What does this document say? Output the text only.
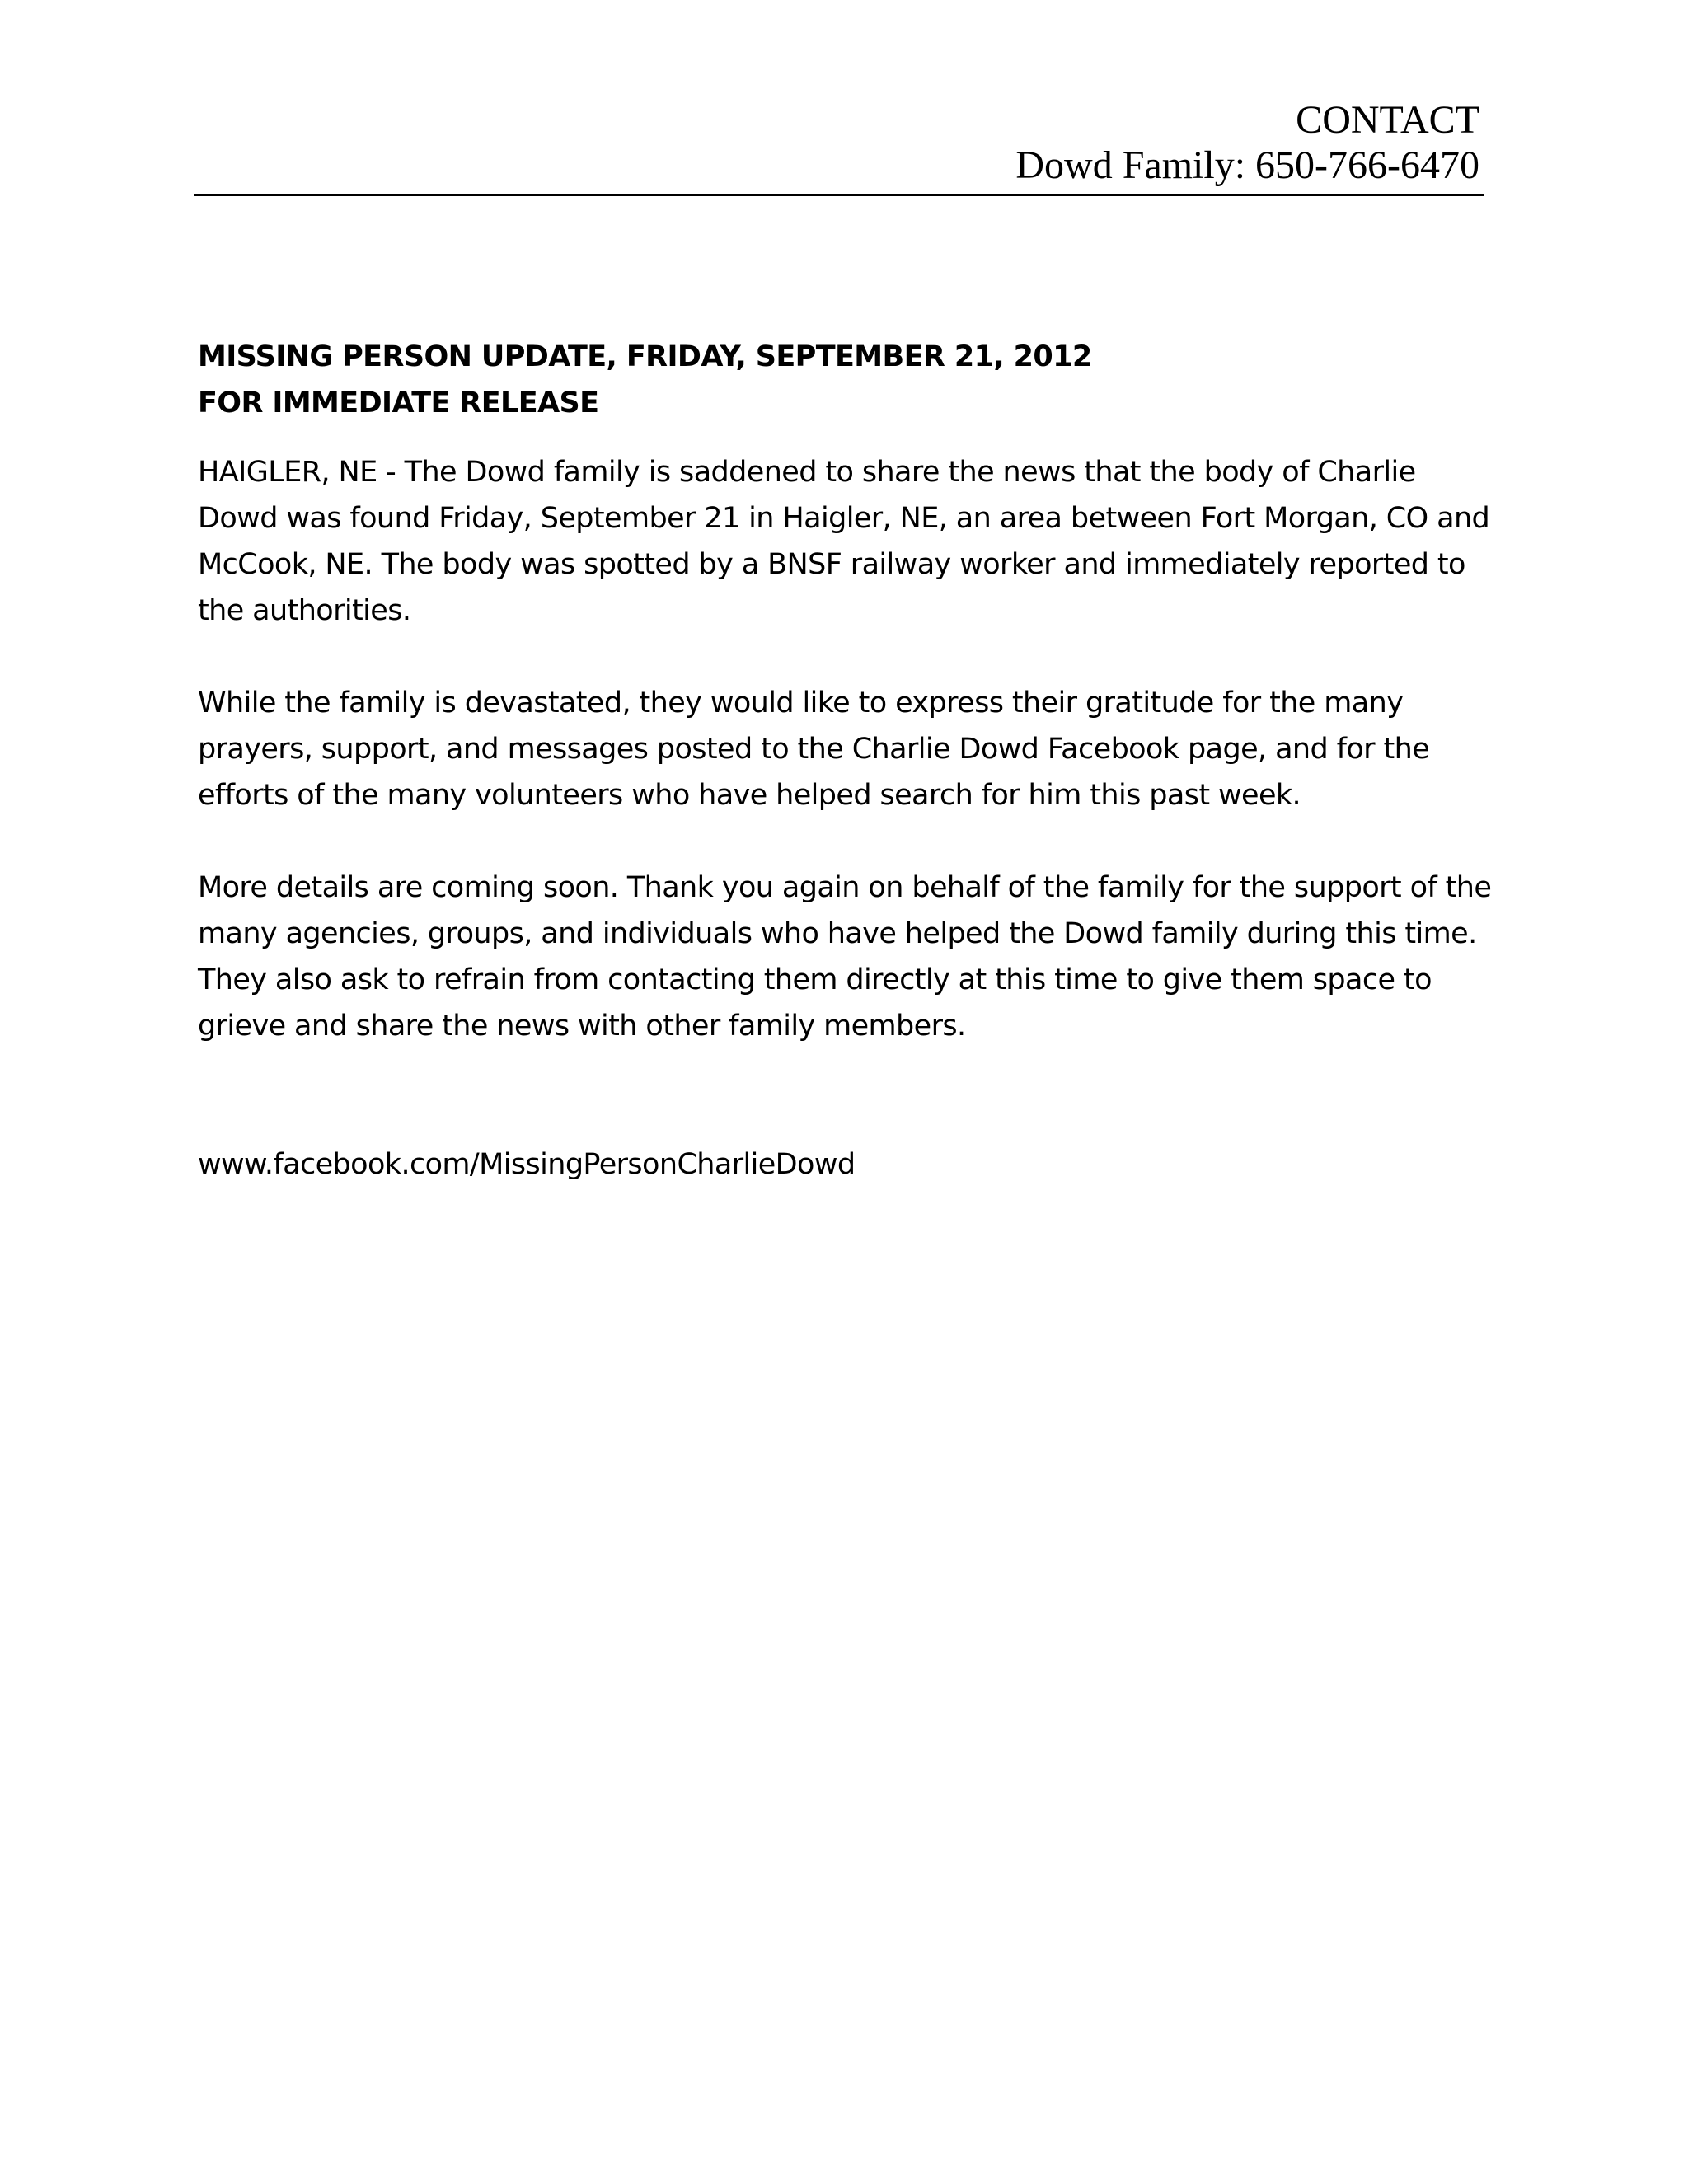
CONTACT
Dowd Family: 650-766-6470

MISSING PERSON UPDATE, FRIDAY, SEPTEMBER 21, 2012

FOR IMMEDIATE RELEASE

HAIGLER, NE - The Dowd family is saddened to share the news that the body of Charlie Dowd was found Friday, September 21 in Haigler, NE, an area between Fort Morgan, CO and McCook, NE. The body was spotted by a BNSF railway worker and immediately reported to the authorities.

While the family is devastated, they would like to express their gratitude for the many prayers, support, and messages posted to the Charlie Dowd Facebook page, and for the efforts of the many volunteers who have helped search for him this past week.

More details are coming soon. Thank you again on behalf of the family for the support of the many agencies, groups, and individuals who have helped the Dowd family during this time. They also ask to refrain from contacting them directly at this time to give them space to grieve and share the news with other family members.

www.facebook.com/MissingPersonCharlieDowd
